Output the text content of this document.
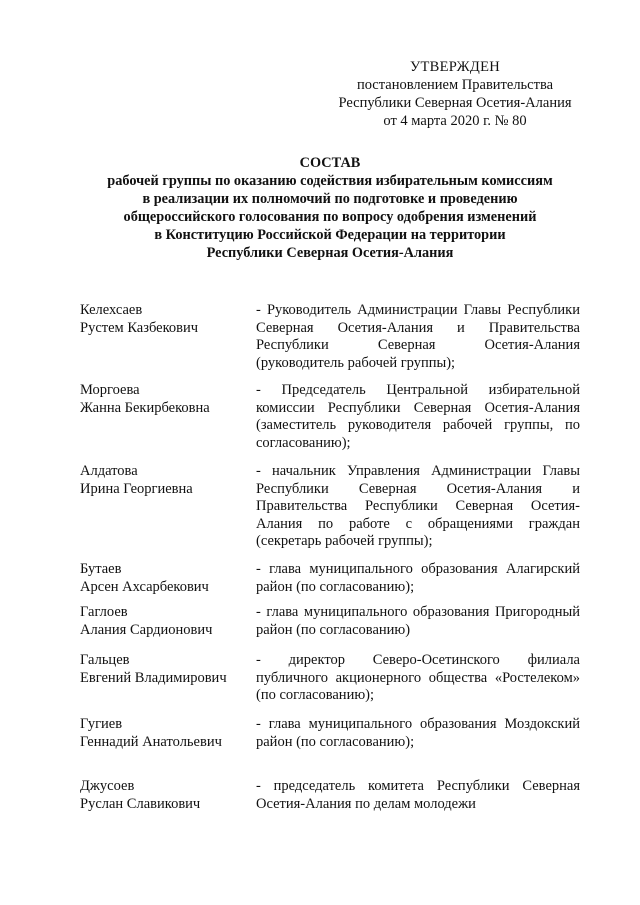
УТВЕРЖДЕН
постановлением Правительства
Республики Северная Осетия-Алания
от 4 марта 2020 г. № 80
СОСТАВ
рабочей группы по оказанию содействия избирательным комиссиям
в реализации их полномочий по подготовке и проведению
общероссийского голосования по вопросу одобрения изменений
в Конституцию Российской Федерации на территории
Республики Северная Осетия-Алания
Келехсаев
Рустем Казбекович
- Руководитель Администрации Главы Республики Северная Осетия-Алания и Правительства Республики Северная Осетия-Алания (руководитель рабочей группы);
Моргоева
Жанна Бекирбековна
- Председатель Центральной избирательной комиссии Республики Северная Осетия-Алания (заместитель руководителя рабочей группы, по согласованию);
Алдатова
Ирина Георгиевна
- начальник Управления Администрации Главы Республики Северная Осетия-Алания и Правительства Республики Северная Осетия-Алания по работе с обращениями граждан (секретарь рабочей группы);
Бутаев
Арсен Ахсарбекович
- глава муниципального образования Алагирский район (по согласованию);
Гаглоев
Алания Сардионович
- глава муниципального образования Пригородный район (по согласованию)
Гальцев
Евгений Владимирович
- директор Северо-Осетинского филиала публичного акционерного общества «Ростелеком» (по согласованию);
Гугиев
Геннадий Анатольевич
- глава муниципального образования Моздокский район (по согласованию);
Джусоев
Руслан Славикович
- председатель комитета Республики Северная Осетия-Алания по делам молодежи
